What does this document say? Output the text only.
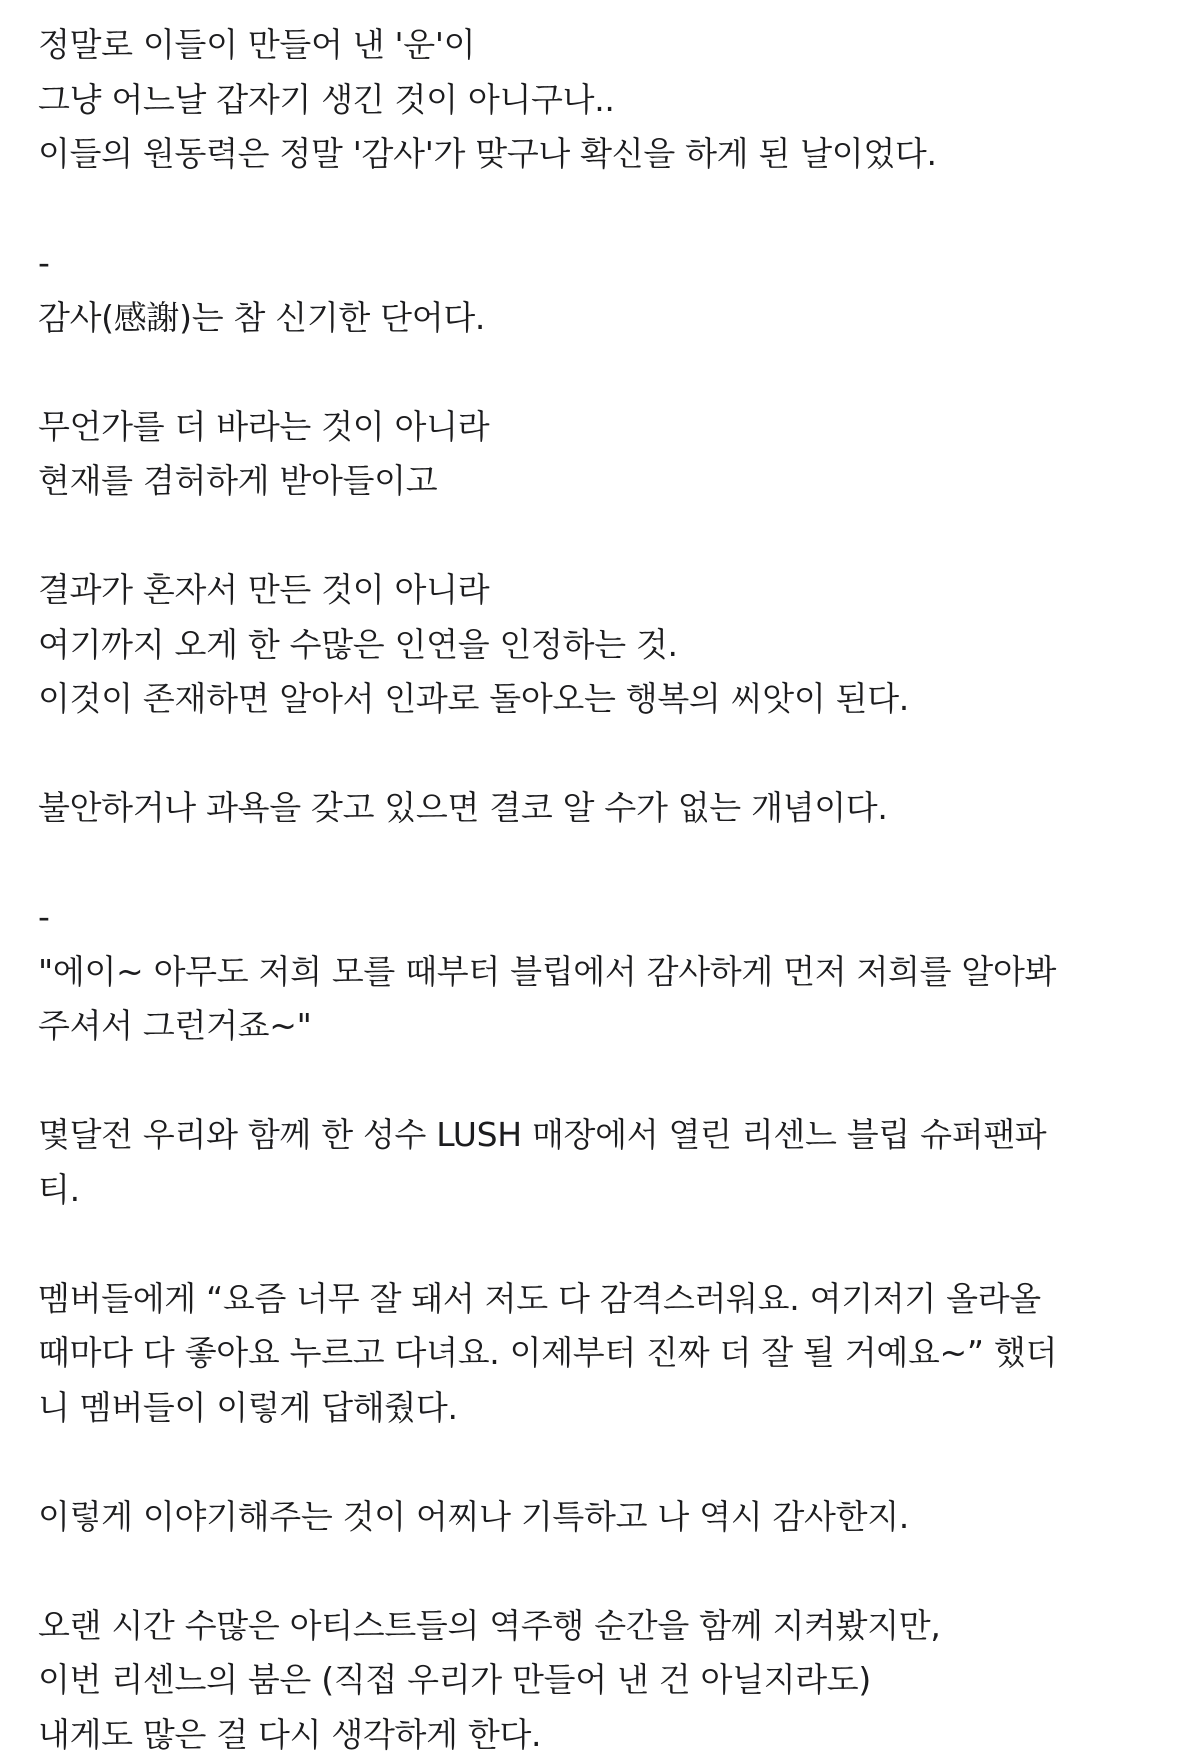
정말로 이들이 만들어 낸 '운'이
그냥 어느날 갑자기 생긴 것이 아니구나..
이들의 원동력은 정말 '감사'가 맞구나 확신을 하게 된 날이었다.
-
감사(感謝)는 참 신기한 단어다.
무언가를 더 바라는 것이 아니라
현재를 겸허하게 받아들이고
결과가 혼자서 만든 것이 아니라
여기까지 오게 한 수많은 인연을 인정하는 것.
이것이 존재하면 알아서 인과로 돌아오는 행복의 씨앗이 된다.
불안하거나 과욕을 갖고 있으면 결코 알 수가 없는 개념이다.
-
"에이~ 아무도 저희 모를 때부터 블립에서 감사하게 먼저 저희를 알아봐
주셔서 그런거죠~"
몇달전 우리와 함께 한 성수 LUSH 매장에서 열린 리센느 블립 슈퍼팬파
티.
멤버들에게 “요즘 너무 잘 돼서 저도 다 감격스러워요. 여기저기 올라올
때마다 다 좋아요 누르고 다녀요. 이제부터 진짜 더 잘 될 거예요~” 했더
니 멤버들이 이렇게 답해줬다.
이렇게 이야기해주는 것이 어찌나 기특하고 나 역시 감사한지.
오랜 시간 수많은 아티스트들의 역주행 순간을 함께 지켜봤지만,
이번 리센느의 붐은 (직접 우리가 만들어 낸 건 아닐지라도)
내게도 많은 걸 다시 생각하게 한다.
